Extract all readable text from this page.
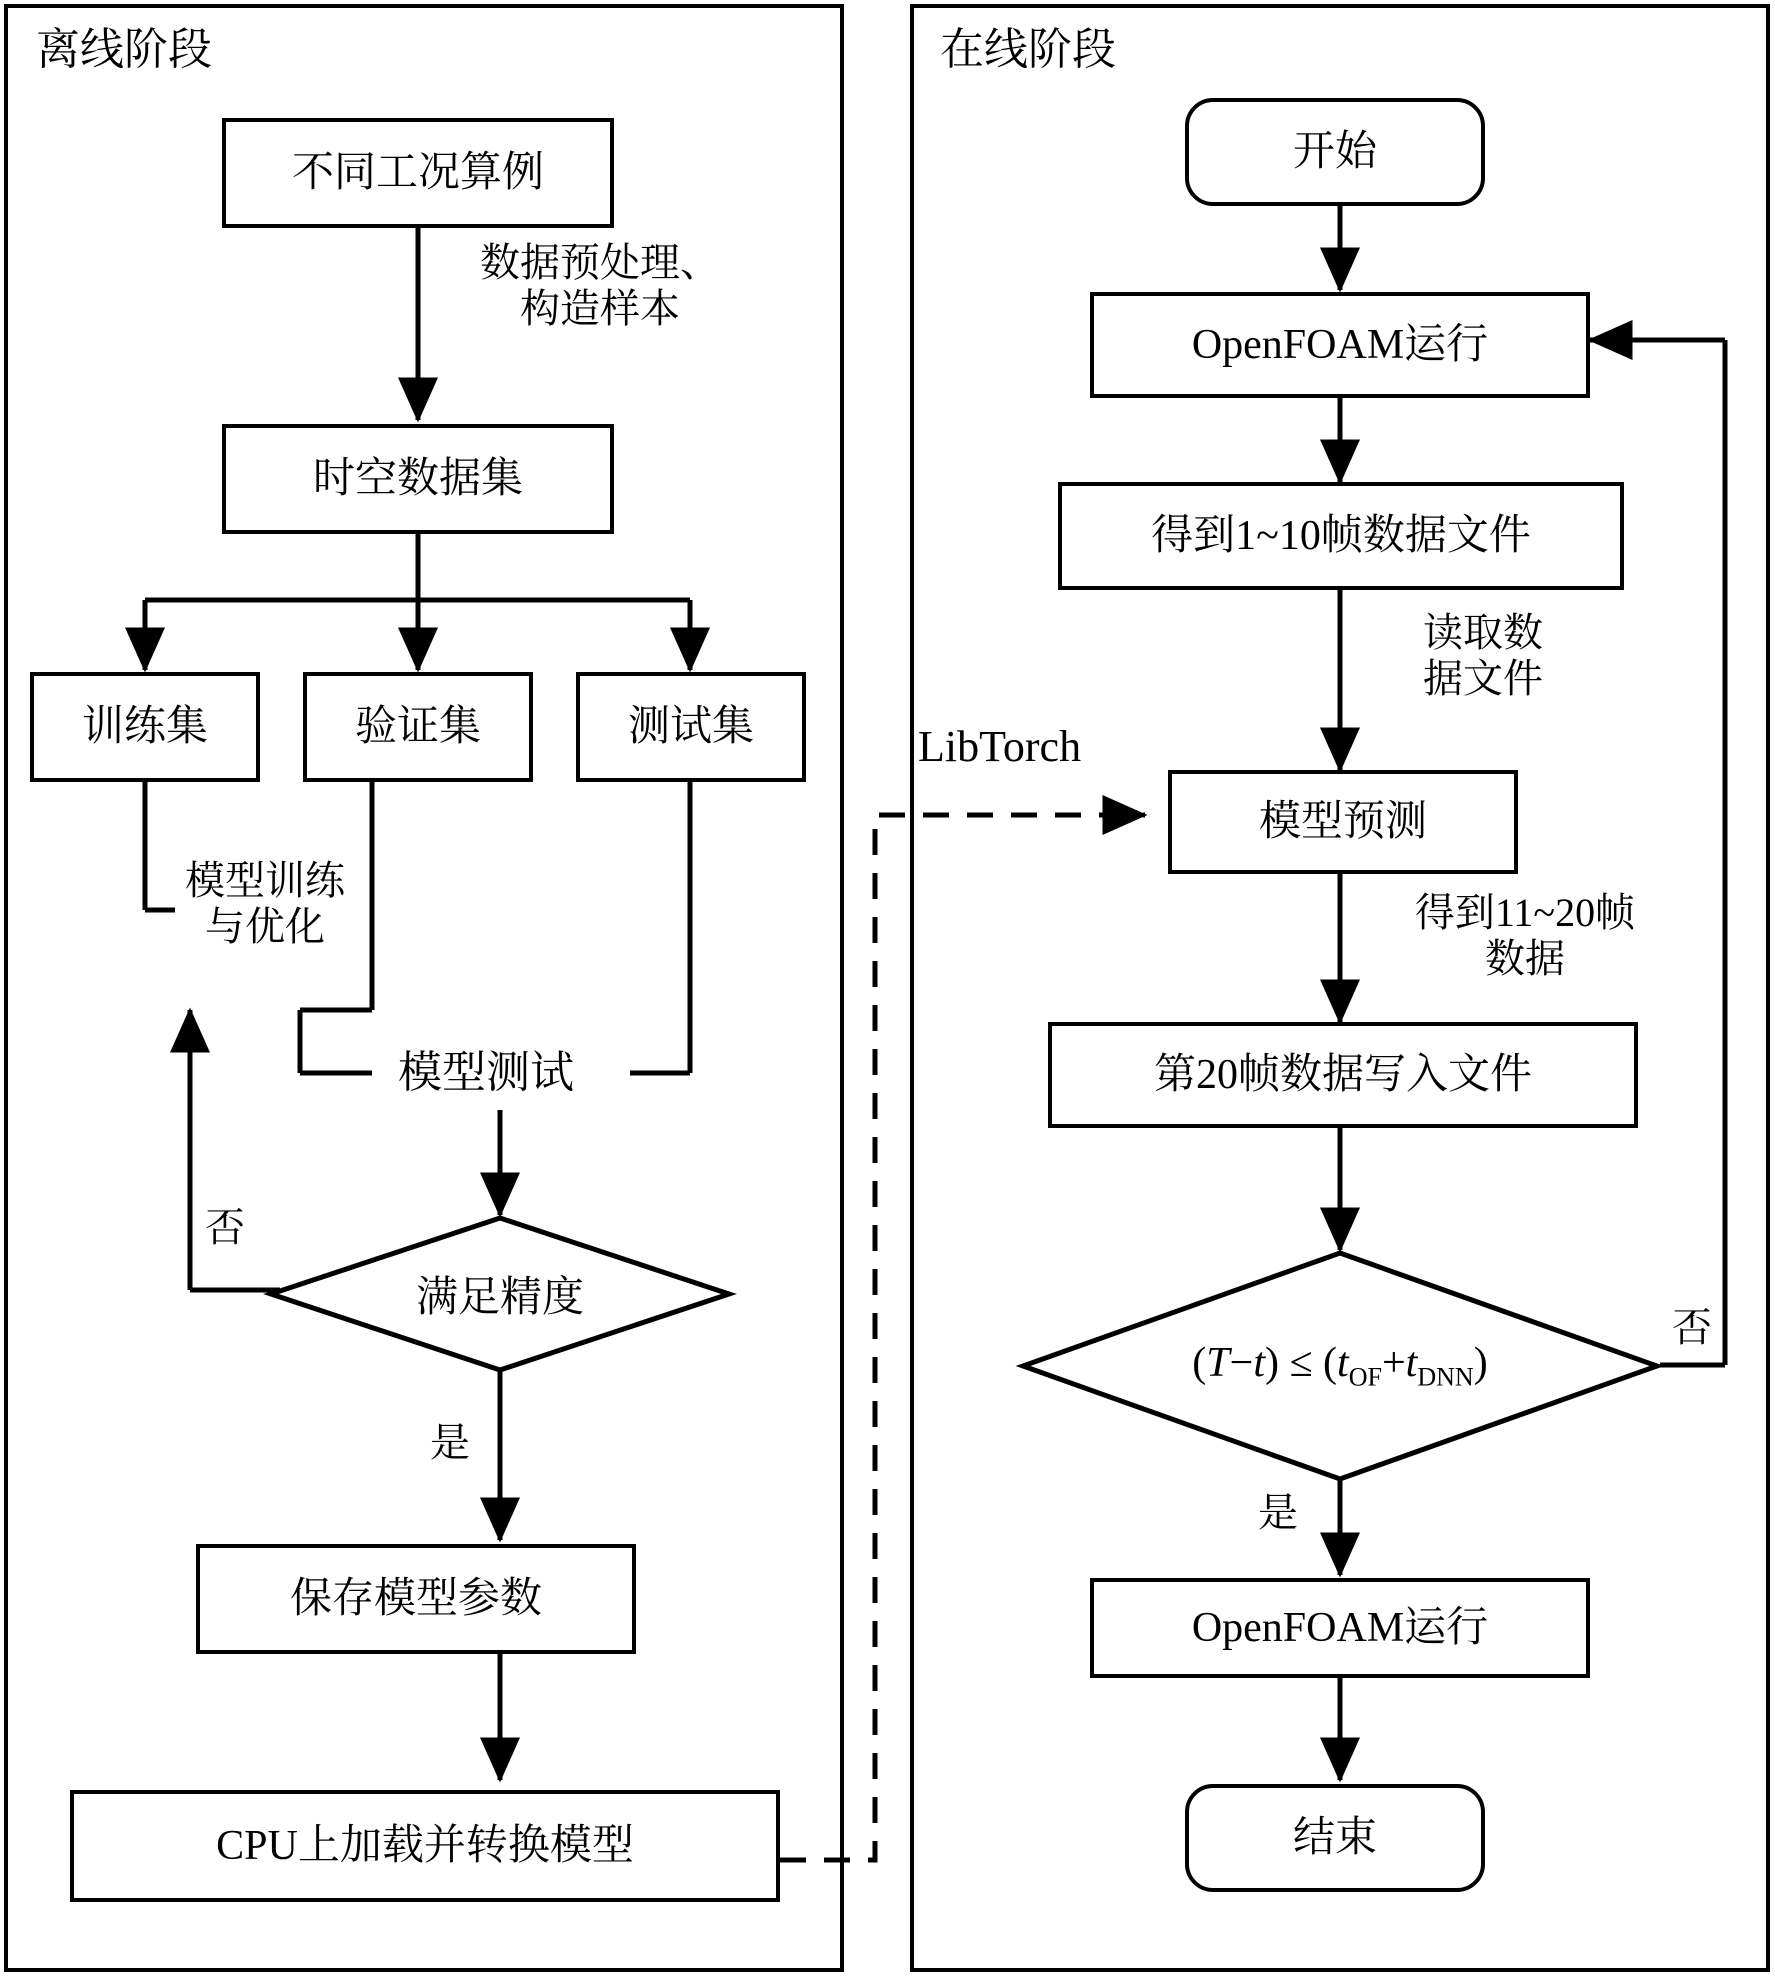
离线阶段	在线阶段
不同工况算例
数据预处理、
构造样本
时空数据集
训练集	验证集	测试集
模型训练
与优化
模型测试
满足精度
否
是
保存模型参数
CPU上加载并转换模型
LibTorch
开始
OpenFOAM运行
得到1~10帧数据文件
读取数
据文件
模型预测
得到11~20帧
数据
第20帧数据写入文件
$(T-t) \le (t_{OF}+t_{DNN})$
否
是
OpenFOAM运行
结束
